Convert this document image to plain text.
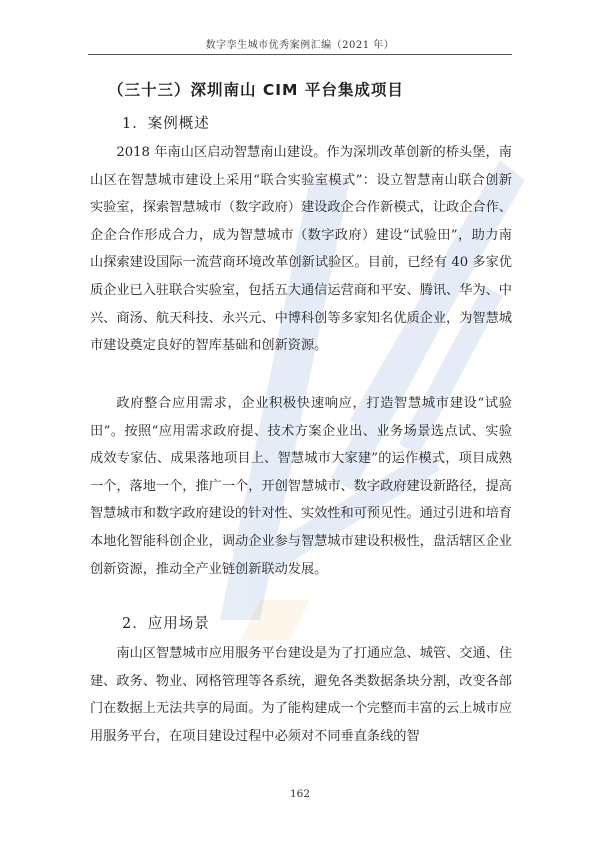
数字孪生城市优秀案例汇编（2021 年）
（三十三）深圳南山 CIM 平台集成项目
1．案例概述

2018 年南山区启动智慧南山建设。作为深圳改革创新的桥头堡，南山区在智慧城市建设上采用“联合实验室模式”：设立智慧南山联合创新实验室，探索智慧城市（数字政府）建设政企合作新模式，让政企合作、企企合作形成合力，成为智慧城市（数字政府）建设“试验田”，助力南山探索建设国际一流营商环境改革创新试验区。目前，已经有 40 多家优质企业已入驻联合实验室，包括五大通信运营商和平安、腾讯、华为、中兴、商汤、航天科技、永兴元、中博科创等多家知名优质企业，为智慧城市建设奠定良好的智库基础和创新资源。

政府整合应用需求，企业积极快速响应，打造智慧城市建设“试验田”。按照“应用需求政府提、技术方案企业出、业务场景选点试、实验成效专家估、成果落地项目上、智慧城市大家建”的运作模式，项目成熟一个，落地一个，推广一个，开创智慧城市、数字政府建设新路径，提高智慧城市和数字政府建设的针对性、实效性和可预见性。通过引进和培育本地化智能科创企业，调动企业参与智慧城市建设积极性，盘活辖区企业创新资源，推动全产业链创新联动发展。

2．应用场景

南山区智慧城市应用服务平台建设是为了打通应急、城管、交通、住建、政务、物业、网格管理等各系统，避免各类数据条块分割，改变各部门在数据上无法共享的局面。为了能构建成一个完整而丰富的云上城市应用服务平台，在项目建设过程中必须对不同垂直条线的智

162
